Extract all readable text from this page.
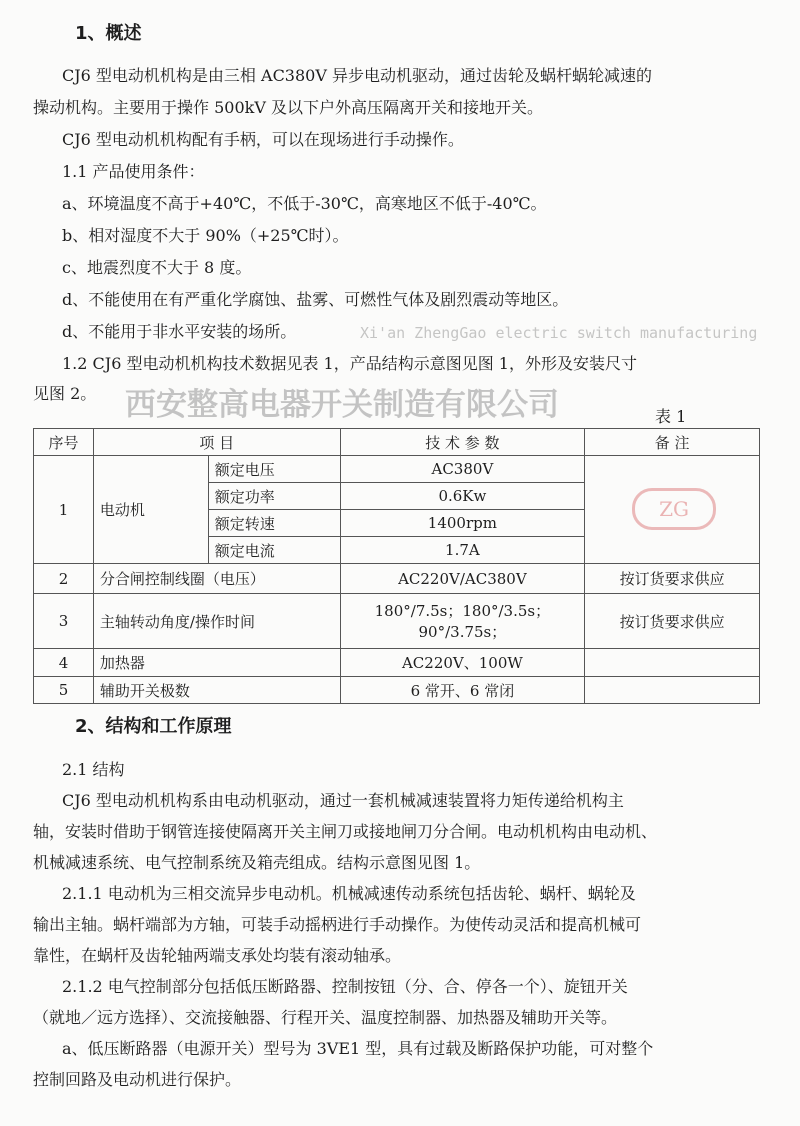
1、概述
CJ6 型电动机机构是由三相 AC380V 异步电动机驱动，通过齿轮及蜗杆蜗轮减速的
操动机构。主要用于操作 500kV 及以下户外高压隔离开关和接地开关。
CJ6 型电动机机构配有手柄，可以在现场进行手动操作。
1.1 产品使用条件：
a、环境温度不高于+40℃，不低于-30℃，高寒地区不低于-40℃。
b、相对湿度不大于 90%（+25℃时）。
c、地震烈度不大于 8 度。
d、不能使用在有严重化学腐蚀、盐雾、可燃性气体及剧烈震动等地区。
d、不能用于非水平安装的场所。
1.2 CJ6 型电动机机构技术数据见表 1，产品结构示意图见图 1，外形及安装尺寸
见图 2。
表 1
序号	项 目		技 术 参 数	备 注
1	电动机	额定电压	AC380V	
		额定功率	0.6Kw	
		额定转速	1400rpm	
		额定电流	1.7A	
2	分合闸控制线圈（电压）		AC220V/AC380V	按订货要求供应
3	主轴转动角度/操作时间		180°/7.5s；180°/3.5s；
90°/3.75s；	按订货要求供应
4	加热器		AC220V、100W	
5	辅助开关极数		6 常开、6 常闭	
ZG
西安整高电器开关制造有限公司
Xi'an ZhengGao electric switch manufacturing
2、结构和工作原理
2.1 结构
CJ6 型电动机机构系由电动机驱动，通过一套机械减速装置将力矩传递给机构主
轴，安装时借助于钢管连接使隔离开关主闸刀或接地闸刀分合闸。电动机机构由电动机、
机械减速系统、电气控制系统及箱壳组成。结构示意图见图 1。
2.1.1 电动机为三相交流异步电动机。机械减速传动系统包括齿轮、蜗杆、蜗轮及
输出主轴。蜗杆端部为方轴，可装手动摇柄进行手动操作。为使传动灵活和提高机械可
靠性，在蜗杆及齿轮轴两端支承处均装有滚动轴承。
2.1.2 电气控制部分包括低压断路器、控制按钮（分、合、停各一个）、旋钮开关
（就地／远方选择）、交流接触器、行程开关、温度控制器、加热器及辅助开关等。
a、低压断路器（电源开关）型号为 3VE1 型，具有过载及断路保护功能，可对整个
控制回路及电动机进行保护。
